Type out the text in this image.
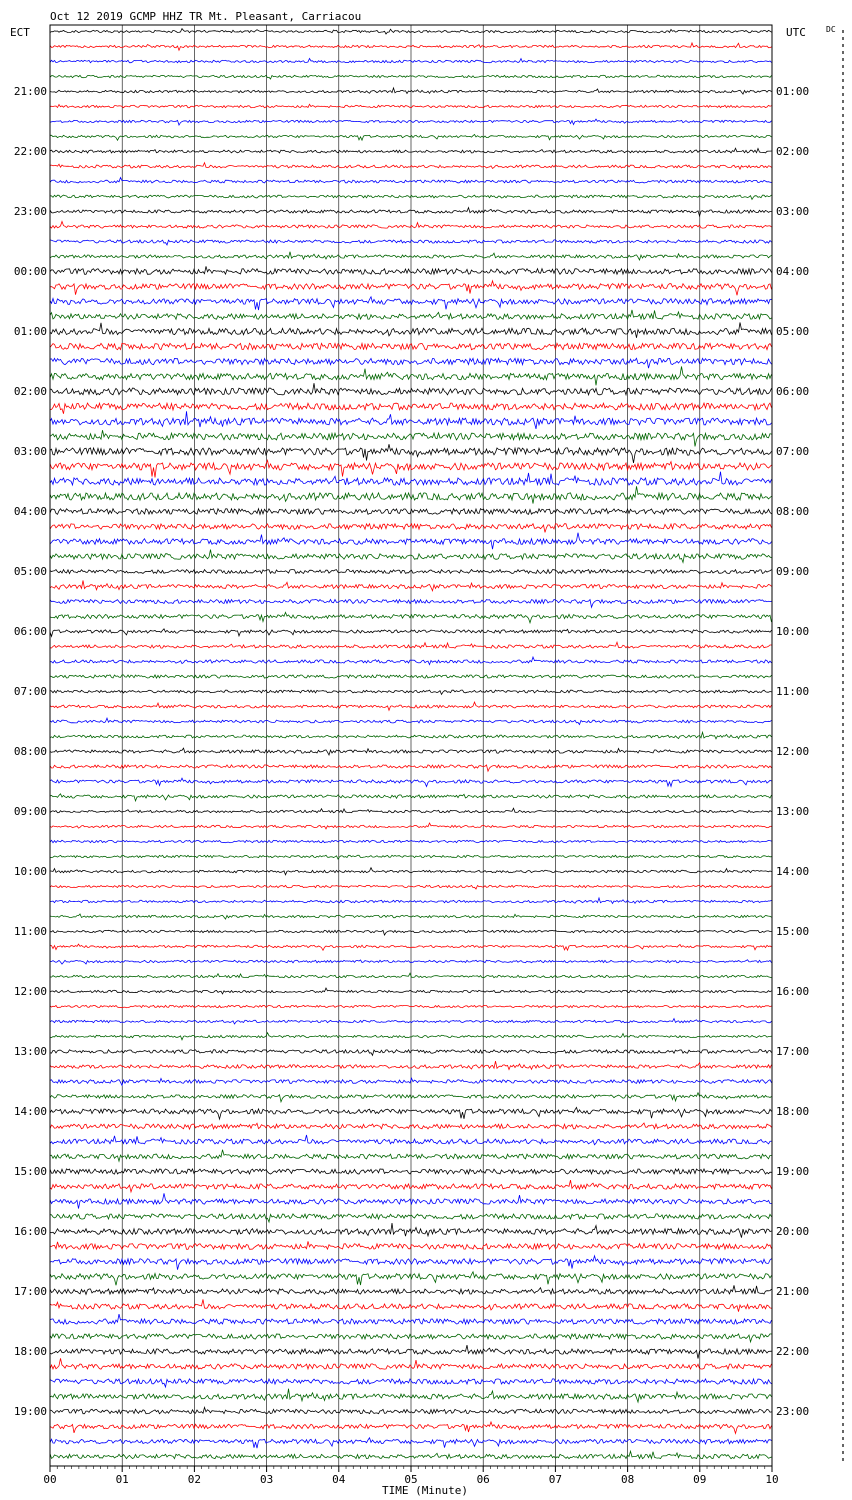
Oct 12 2019 GCMP HHZ TR Mt. Pleasant, Carriacou
ECT	UTC	DC
21:00
22:00
23:00
00:00
01:00
02:00
03:00
04:00
05:00
06:00
07:00
08:00
09:00
10:00
11:00
12:00
13:00
14:00
15:00
16:00
17:00
18:00
19:00
01:00
02:00
03:00
04:00
05:00
06:00
07:00
08:00
09:00
10:00
11:00
12:00
13:00
14:00
15:00
16:00
17:00
18:00
19:00
20:00
21:00
22:00
23:00
00	01	02	03	04	05	06	07	08	09	10
TIME (Minute)
